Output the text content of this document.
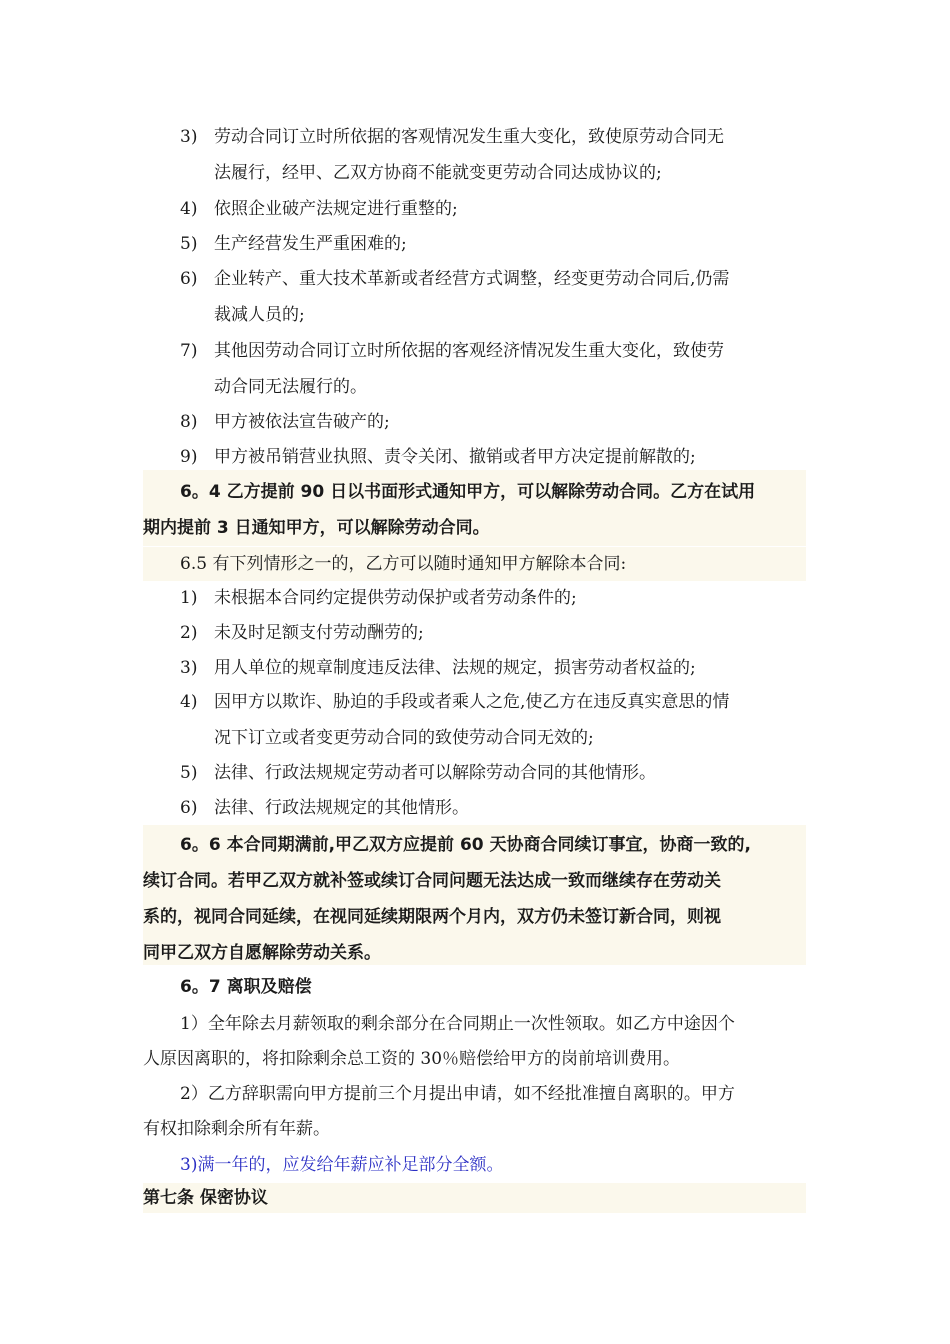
3) 劳动合同订立时所依据的客观情况发生重大变化，致使原劳动合同无
法履行，经甲、乙双方协商不能就变更劳动合同达成协议的;
4) 依照企业破产法规定进行重整的;
5) 生产经营发生严重困难的;
6) 企业转产、重大技术革新或者经营方式调整，经变更劳动合同后,仍需
裁减人员的;
7) 其他因劳动合同订立时所依据的客观经济情况发生重大变化，致使劳
动合同无法履行的。
8) 甲方被依法宣告破产的;
9) 甲方被吊销营业执照、责令关闭、撤销或者甲方决定提前解散的;
6。4 乙方提前 90 日以书面形式通知甲方，可以解除劳动合同。乙方在试用
期内提前 3 日通知甲方，可以解除劳动合同。
6.5 有下列情形之一的，乙方可以随时通知甲方解除本合同:
1) 未根据本合同约定提供劳动保护或者劳动条件的;
2) 未及时足额支付劳动酬劳的;
3) 用人单位的规章制度违反法律、法规的规定，损害劳动者权益的;
4) 因甲方以欺诈、胁迫的手段或者乘人之危,使乙方在违反真实意思的情
况下订立或者变更劳动合同的致使劳动合同无效的;
5) 法律、行政法规规定劳动者可以解除劳动合同的其他情形。
6) 法律、行政法规规定的其他情形。
6。6 本合同期满前,甲乙双方应提前 60 天协商合同续订事宜，协商一致的,
续订合同。若甲乙双方就补签或续订合同问题无法达成一致而继续存在劳动关
系的，视同合同延续，在视同延续期限两个月内，双方仍未签订新合同，则视
同甲乙双方自愿解除劳动关系。
6。7 离职及赔偿
1）全年除去月薪领取的剩余部分在合同期止一次性领取。如乙方中途因个
人原因离职的，将扣除剩余总工资的 30％赔偿给甲方的岗前培训费用。
2）乙方辞职需向甲方提前三个月提出申请，如不经批准擅自离职的。甲方
有权扣除剩余所有年薪。
3)满一年的，应发给年薪应补足部分全额。
第七条 保密协议
